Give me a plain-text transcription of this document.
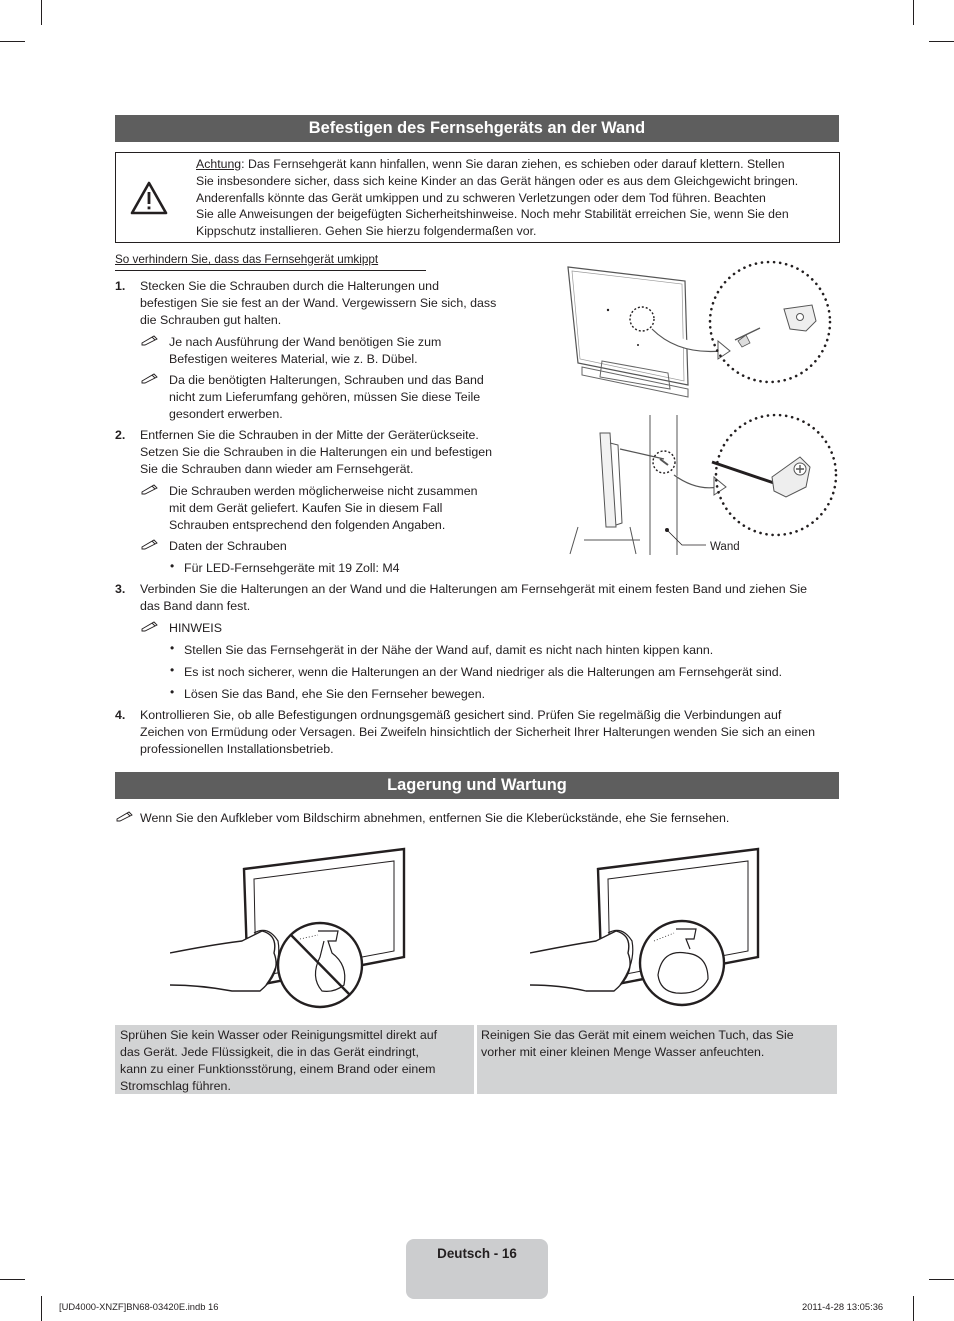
Befestigen des Fernsehgeräts an der Wand
Achtung: Das Fernsehgerät kann hinfallen, wenn Sie daran ziehen, es schieben oder darauf klettern. Stellen
Sie insbesondere sicher, dass sich keine Kinder an das Gerät hängen oder es aus dem Gleichgewicht bringen.
Anderenfalls könnte das Gerät umkippen und zu schweren Verletzungen oder dem Tod führen. Beachten
Sie alle Anweisungen der beigefügten Sicherheitshinweise. Noch mehr Stabilität erreichen Sie, wenn Sie den
Kippschutz installieren. Gehen Sie hierzu folgendermaßen vor.
So verhindern Sie, dass das Fernsehgerät umkippt
1. Stecken Sie die Schrauben durch die Halterungen und
befestigen Sie sie fest an der Wand. Vergewissern Sie sich, dass
die Schrauben gut halten.
Je nach Ausführung der Wand benötigen Sie zum
Befestigen weiteres Material, wie z. B. Dübel.
Da die benötigten Halterungen, Schrauben und das Band
nicht zum Lieferumfang gehören, müssen Sie diese Teile
gesondert erwerben.
2. Entfernen Sie die Schrauben in der Mitte der Geräterückseite.
Setzen Sie die Schrauben in die Halterungen ein und befestigen
Sie die Schrauben dann wieder am Fernsehgerät.
Die Schrauben werden möglicherweise nicht zusammen
mit dem Gerät geliefert. Kaufen Sie in diesem Fall
Schrauben entsprechend den folgenden Angaben.
Daten der Schrauben
• Für LED-Fernsehgeräte mit 19 Zoll: M4
Wand
3. Verbinden Sie die Halterungen an der Wand und die Halterungen am Fernsehgerät mit einem festen Band und ziehen Sie
das Band dann fest.
HINWEIS
• Stellen Sie das Fernsehgerät in der Nähe der Wand auf, damit es nicht nach hinten kippen kann.
• Es ist noch sicherer, wenn die Halterungen an der Wand niedriger als die Halterungen am Fernsehgerät sind.
• Lösen Sie das Band, ehe Sie den Fernseher bewegen.
4. Kontrollieren Sie, ob alle Befestigungen ordnungsgemäß gesichert sind. Prüfen Sie regelmäßig die Verbindungen auf
Zeichen von Ermüdung oder Versagen. Bei Zweifeln hinsichtlich der Sicherheit Ihrer Halterungen wenden Sie sich an einen
professionellen Installationsbetrieb.
Lagerung und Wartung
Wenn Sie den Aufkleber vom Bildschirm abnehmen, entfernen Sie die Kleberückstände, ehe Sie fernsehen.
Sprühen Sie kein Wasser oder Reinigungsmittel direkt auf
das Gerät. Jede Flüssigkeit, die in das Gerät eindringt,
kann zu einer Funktionsstörung, einem Brand oder einem
Stromschlag führen.
Reinigen Sie das Gerät mit einem weichen Tuch, das Sie
vorher mit einer kleinen Menge Wasser anfeuchten.
Deutsch - 16
[UD4000-XNZF]BN68-03420E.indb 16	2011-4-28 13:05:36
